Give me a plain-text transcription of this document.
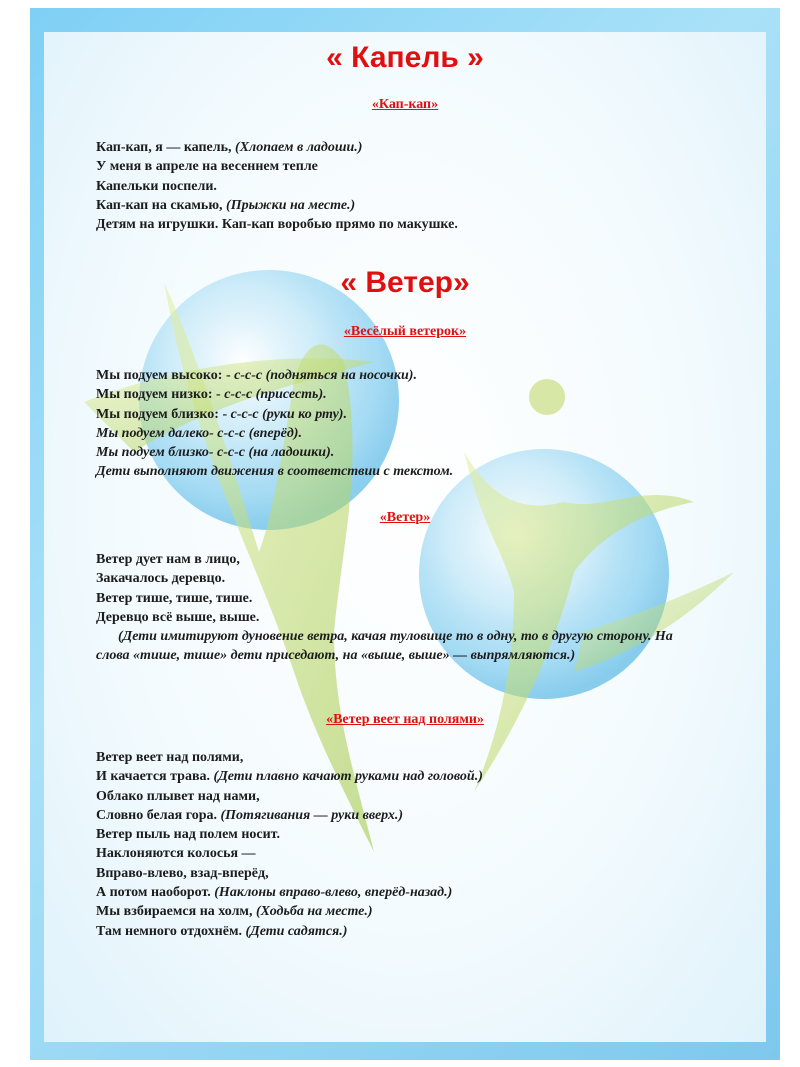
« Капель »
«Кап-кап»
Кап-кап, я — капель, (Хлопаем в ладоши.)
У меня в апреле на весеннем тепле
Капельки поспели.
Кап-кап на скамью, (Прыжки на месте.)
Детям на игрушки. Кап-кап воробью прямо по макушке.
« Ветер»
«Весёлый ветерок»
Мы подуем высоко: - с-с-с (подняться на носочки).
Мы подуем низко: - с-с-с (присесть).
Мы подуем близко: - с-с-с (руки ко рту).
Мы подуем далеко- с-с-с (вперёд).
Мы подуем близко- с-с-с (на ладошки).
Дети выполняют движения в соответствии с текстом.
«Ветер»
Ветер дует нам в лицо,
Закачалось деревцо.
Ветер тише, тише, тише.
Деревцо всё выше, выше.

(Дети имитируют дуновение ветра, качая туловище то в одну, то в другую сторону. На слова «тише, тише» дети приседают, на «выше, выше» — выпрямляются.)

«Ветер веет над полями»
Ветер веет над полями,
И качается трава. (Дети плавно качают руками над головой.)
Облако плывет над нами,
Словно белая гора. (Потягивания — руки вверх.)
Ветер пыль над полем носит.
Наклоняются колосья —
Вправо-влево, взад-вперёд,
А потом наоборот. (Наклоны вправо-влево, вперёд-назад.)
Мы взбираемся на холм, (Ходьба на месте.)
Там немного отдохнём. (Дети садятся.)
